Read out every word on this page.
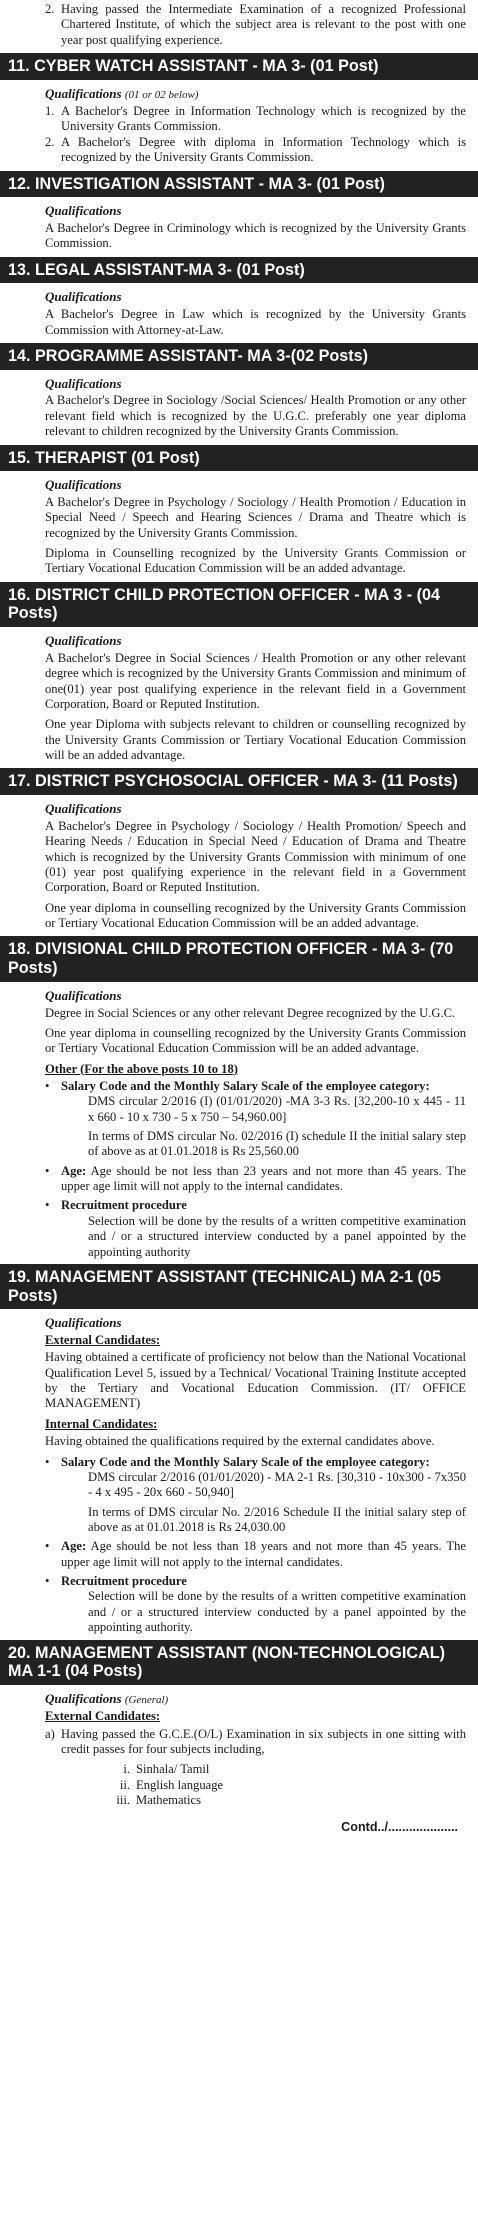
2. Having passed the Intermediate Examination of a recognized Professional Chartered Institute, of which the subject area is relevant to the post with one year post qualifying experience.
11. CYBER WATCH ASSISTANT - MA 3- (01 Post)
Qualifications (01 or 02 below)
1. A Bachelor's Degree in Information Technology which is recognized by the University Grants Commission.
2. A Bachelor's Degree with diploma in Information Technology which is recognized by the University Grants Commission.
12. INVESTIGATION ASSISTANT - MA 3- (01 Post)
Qualifications

A Bachelor's Degree in Criminology which is recognized by the University Grants Commission.

13. LEGAL ASSISTANT-MA 3- (01 Post)
Qualifications

A Bachelor's Degree in Law which is recognized by the University Grants Commission with Attorney-at-Law.

14. PROGRAMME ASSISTANT- MA 3-(02 Posts)
Qualifications

A Bachelor's Degree in Sociology /Social Sciences/ Health Promotion or any other relevant field which is recognized by the U.G.C. preferably one year diploma relevant to children recognized by the University Grants Commission.

15. THERAPIST (01 Post)
Qualifications

A Bachelor's Degree in Psychology / Sociology / Health Promotion / Education in Special Need / Speech and Hearing Sciences / Drama and Theatre which is recognized by the University Grants Commission.

Diploma in Counselling recognized by the University Grants Commission or Tertiary Vocational Education Commission will be an added advantage.

16. DISTRICT CHILD PROTECTION OFFICER - MA 3 - (04 Posts)
Qualifications

A Bachelor's Degree in Social Sciences / Health Promotion or any other relevant degree which is recognized by the University Grants Commission and minimum of one(01) year post qualifying experience in the relevant field in a Government Corporation, Board or Reputed Institution.

One year Diploma with subjects relevant to children or counselling recognized by the University Grants Commission or Tertiary Vocational Education Commission will be an added advantage.

17. DISTRICT PSYCHOSOCIAL OFFICER - MA 3- (11 Posts)
Qualifications

A Bachelor's Degree in Psychology / Sociology / Health Promotion/ Speech and Hearing Needs / Education in Special Need / Education of Drama and Theatre which is recognized by the University Grants Commission with minimum of one (01) year post qualifying experience in the relevant field in a Government Corporation, Board or Reputed Institution.

One year diploma in counselling recognized by the University Grants Commission or Tertiary Vocational Education Commission will be an added advantage.

18. DIVISIONAL CHILD PROTECTION OFFICER - MA 3- (70 Posts)
Qualifications

Degree in Social Sciences or any other relevant Degree recognized by the U.G.C.

One year diploma in counselling recognized by the University Grants Commission or Tertiary Vocational Education Commission will be an added advantage.

Other (For the above posts 10 to 18)
• Salary Code and the Monthly Salary Scale of the employee category:
DMS circular 2/2016 (I) (01/01/2020) -MA 3-3 Rs. [32,200-10 x 445 - 11 x 660 - 10 x 730 - 5 x 750 – 54,960.00]
In terms of DMS circular No. 02/2016 (I) schedule II the initial salary step of above as at 01.01.2018 is Rs 25,560.00
• Age: Age should be not less than 23 years and not more than 45 years. The upper age limit will not apply to the internal candidates.
• Recruitment procedure
Selection will be done by the results of a written competitive examination and / or a structured interview conducted by a panel appointed by the appointing authority
19. MANAGEMENT ASSISTANT (TECHNICAL) MA 2-1 (05 Posts)
Qualifications
External Candidates:

Having obtained a certificate of proficiency not below than the National Vocational Qualification Level 5, issued by a Technical/ Vocational Training Institute accepted by the Tertiary and Vocational Education Commission. (IT/ OFFICE MANAGEMENT)

Internal Candidates:

Having obtained the qualifications required by the external candidates above.

• Salary Code and the Monthly Salary Scale of the employee category:
DMS circular 2/2016 (01/01/2020) - MA 2-1 Rs. [30,310 - 10x300 - 7x350 - 4 x 495 - 20x 660 - 50,940]
In terms of DMS circular No. 2/2016 Schedule II the initial salary step of above as at 01.01.2018 is Rs 24,030.00
• Age: Age should be not less than 18 years and not more than 45 years. The upper age limit will not apply to the internal candidates.
• Recruitment procedure
Selection will be done by the results of a written competitive examination and / or a structured interview conducted by a panel appointed by the appointing authority.
20. MANAGEMENT ASSISTANT (NON-TECHNOLOGICAL) MA 1-1 (04 Posts)
Qualifications (General)
External Candidates:
a) Having passed the G.C.E.(O/L) Examination in six subjects in one sitting with credit passes for four subjects including,
i. Sinhala/ Tamil
ii. English language
iii. Mathematics
Contd../....................
